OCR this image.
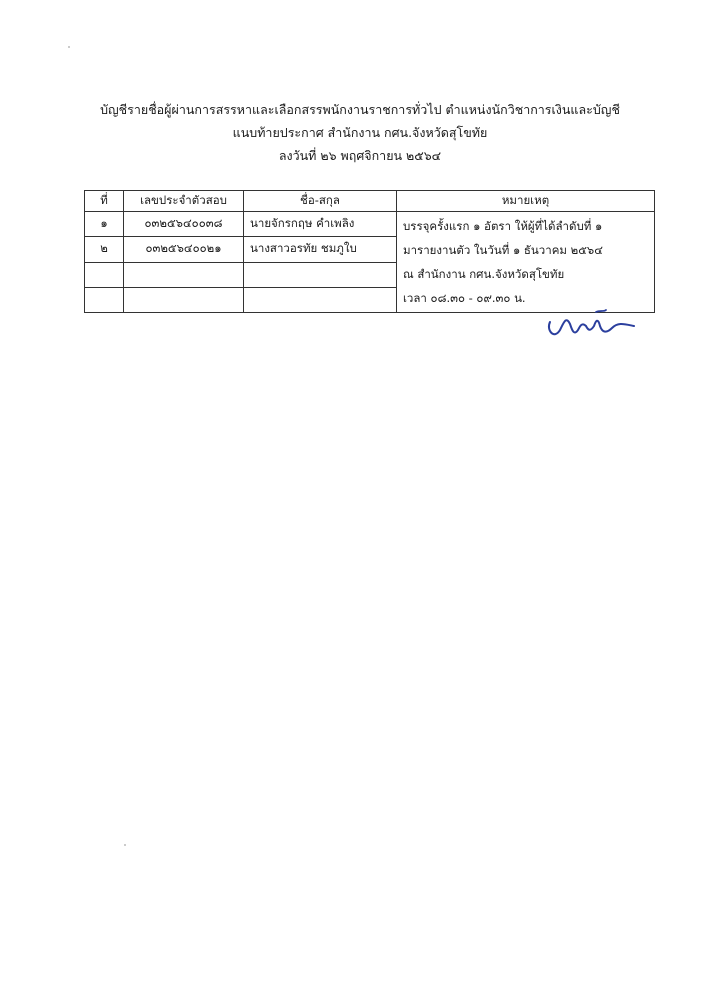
บัญชีรายชื่อผู้ผ่านการสรรหาและเลือกสรรพนักงานราชการทั่วไป ตำแหน่งนักวิชาการเงินและบัญชี
แนบท้ายประกาศ สำนักงาน กศน.จังหวัดสุโขทัย
ลงวันที่ ๒๖ พฤศจิกายน ๒๕๖๔
ที่	เลขประจำตัวสอบ	ชื่อ-สกุล	หมายเหตุ
๑	๐๓๒๕๖๔๐๐๓๘	นายจักรกฤษ คำเพลิง	บรรจุครั้งแรก ๑ อัตรา ให้ผู้ที่ได้ลำดับที่ ๑
มารายงานตัว ในวันที่ ๑ ธันวาคม ๒๕๖๔
ณ สำนักงาน กศน.จังหวัดสุโขทัย
เวลา ๐๘.๓๐ - ๐๙.๓๐ น.

๒	๐๓๒๕๖๔๐๐๒๑	นางสาวอรทัย ชมภูใบ	
